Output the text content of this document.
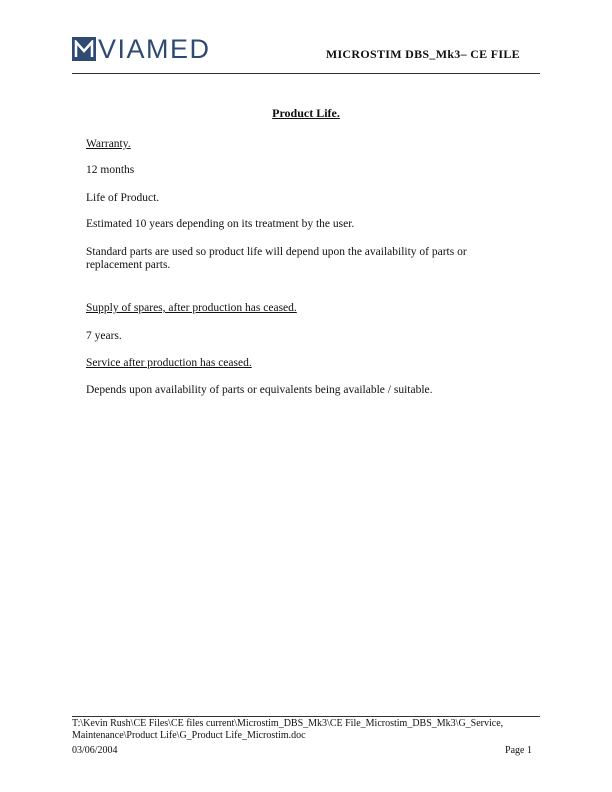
VIAMED	MICROSTIM DBS_Mk3– CE FILE
Product Life.
Warranty.
12 months
Life of Product.
Estimated 10 years depending on its treatment by the user.
Standard parts are used so product life will depend upon the availability of parts or replacement parts.
Supply of spares, after production has ceased.
7 years.
Service after production has ceased.
Depends upon availability of parts or equivalents being available / suitable.
T:\Kevin Rush\CE Files\CE files current\Microstim_DBS_Mk3\CE File_Microstim_DBS_Mk3\G_Service, Maintenance\Product Life\G_Product Life_Microstim.doc
03/06/2004	Page 1
